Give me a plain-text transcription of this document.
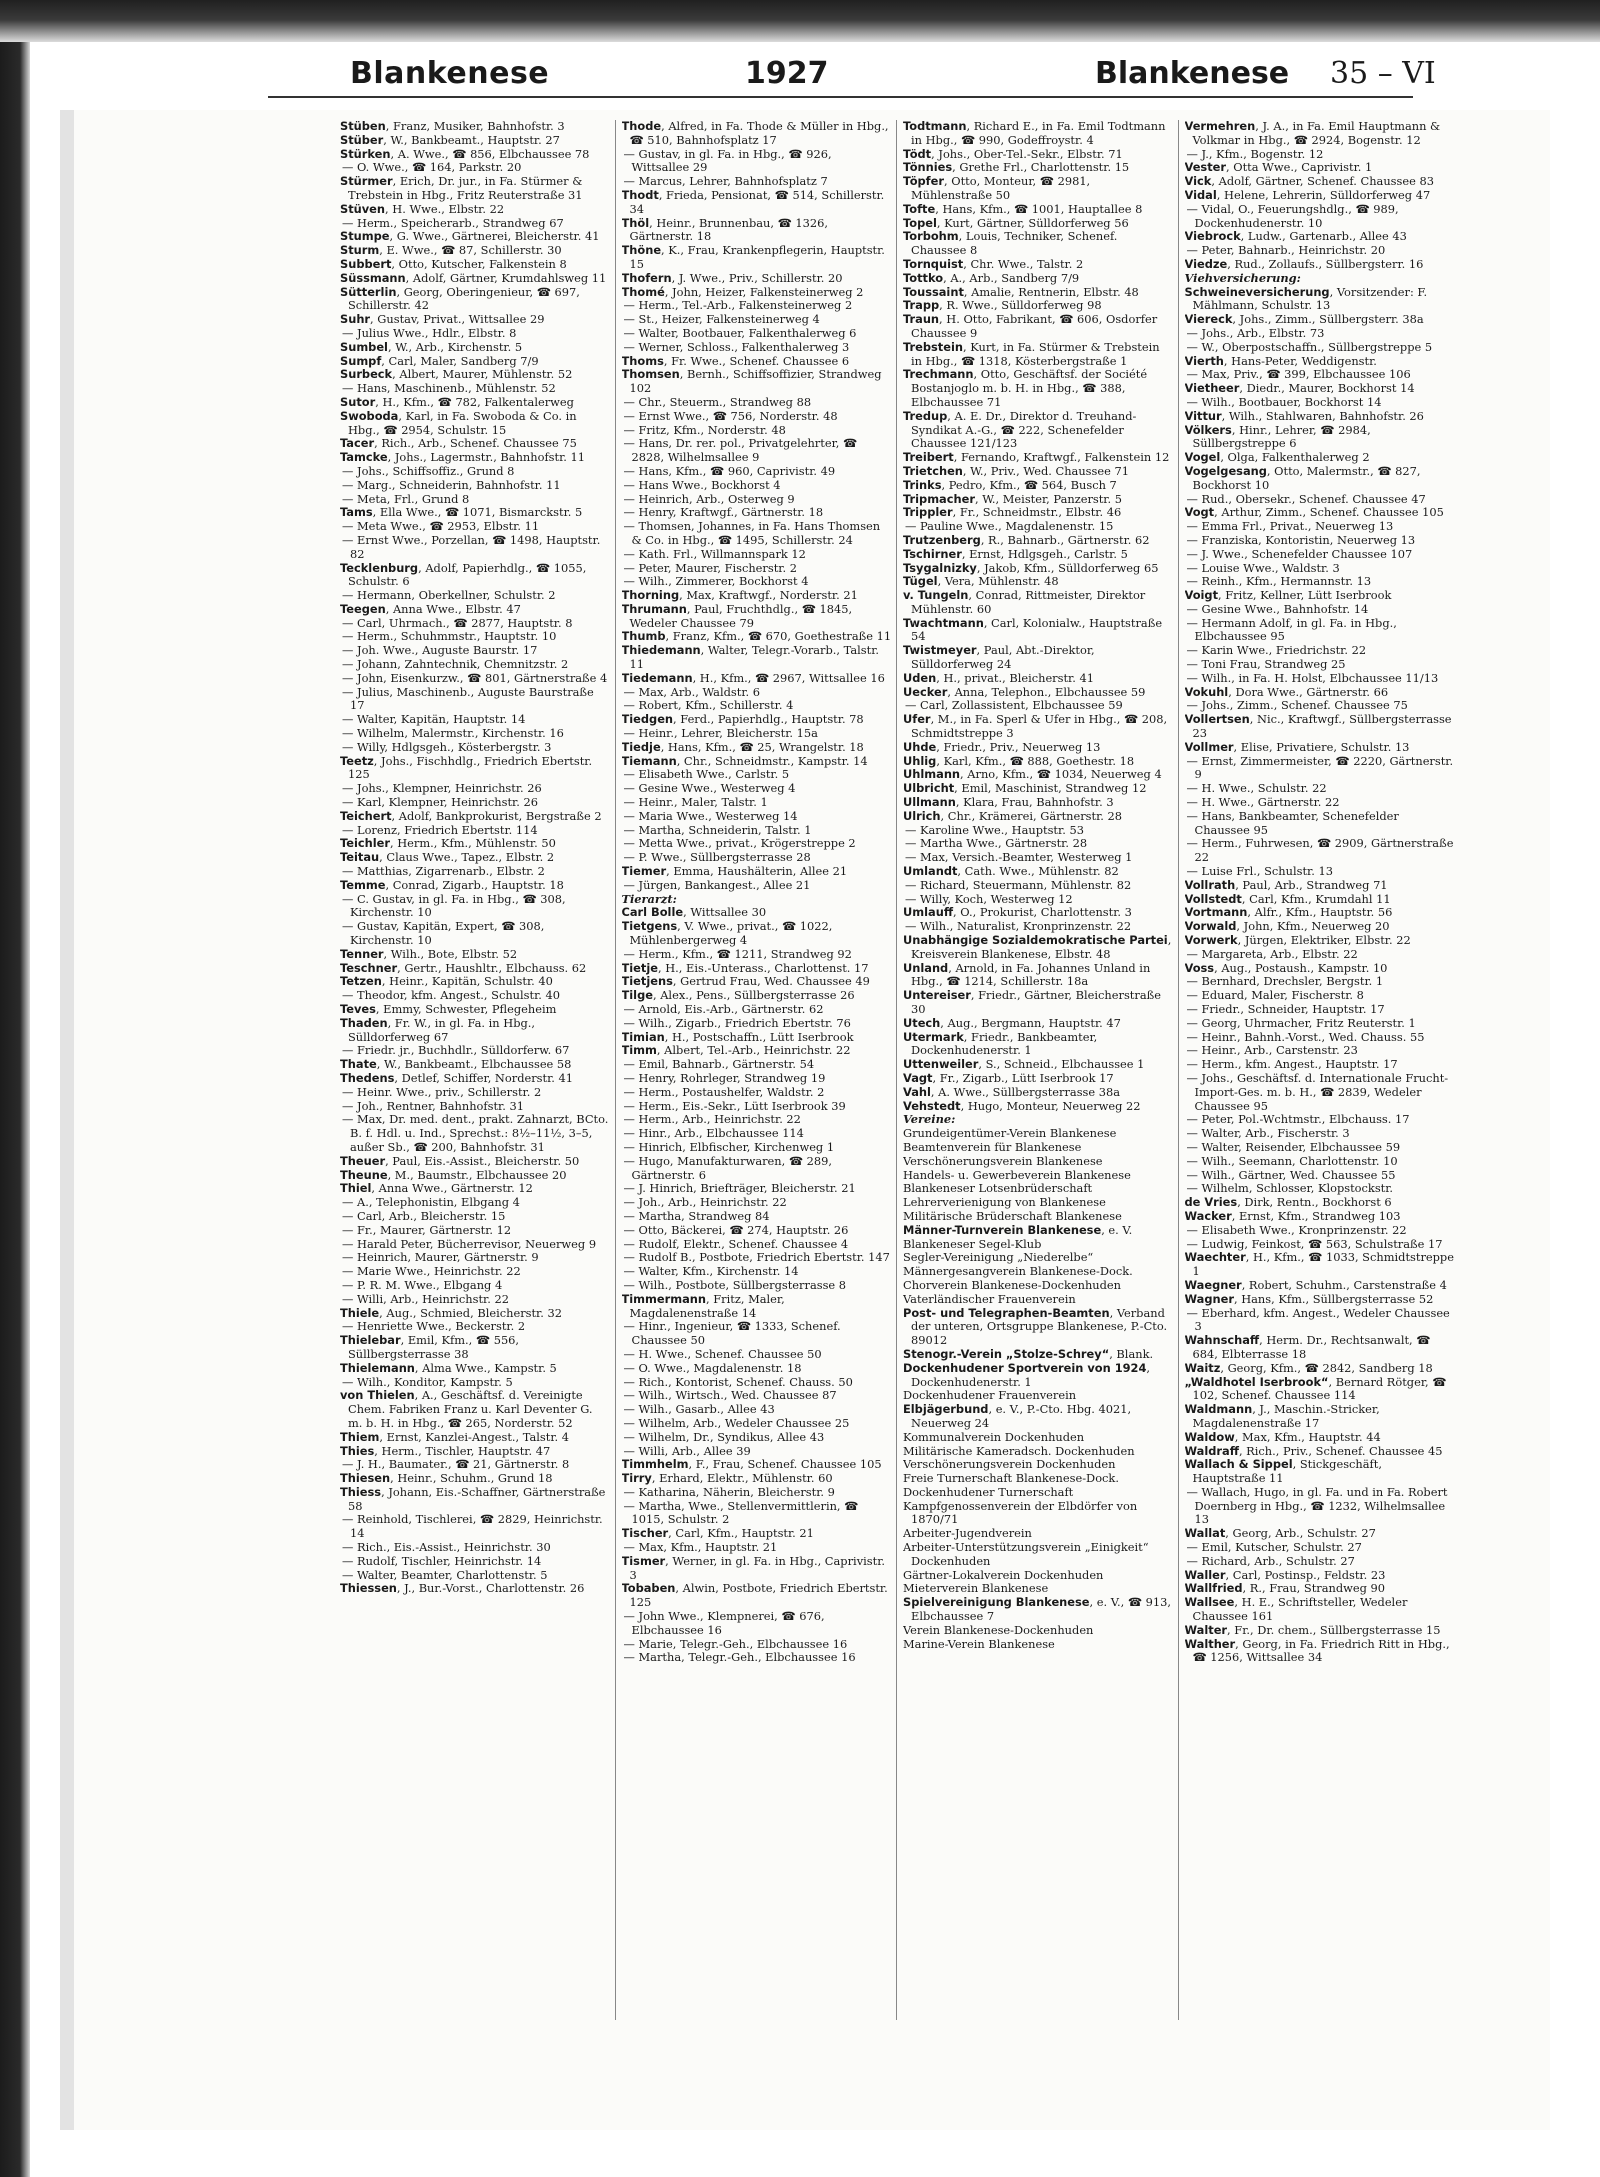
Blankenese	1927	Blankenese 35 – VI

Stüben, Franz, Musiker, Bahnhofstr. 3

Stüber, W., Bankbeamt., Hauptstr. 27

Stürken, A. Wwe., ☎ 856, Elbchaussee 78

— O. Wwe., ☎ 164, Parkstr. 20

Stürmer, Erich, Dr. jur., in Fa. Stürmer & Trebstein in Hbg., Fritz Reuterstraße 31

Stüven, H. Wwe., Elbstr. 22

— Herm., Speicherarb., Strandweg 67

Stumpe, G. Wwe., Gärtnerei, Bleicherstr. 41

Sturm, E. Wwe., ☎ 87, Schillerstr. 30

Subbert, Otto, Kutscher, Falkenstein 8

Süssmann, Adolf, Gärtner, Krumdahlsweg 11

Sütterlin, Georg, Oberingenieur, ☎ 697, Schillerstr. 42

Suhr, Gustav, Privat., Wittsallee 29

— Julius Wwe., Hdlr., Elbstr. 8

Sumbel, W., Arb., Kirchenstr. 5

Sumpf, Carl, Maler, Sandberg 7/9

Surbeck, Albert, Maurer, Mühlenstr. 52

— Hans, Maschinenb., Mühlenstr. 52

Sutor, H., Kfm., ☎ 782, Falkentalerweg

Swoboda, Karl, in Fa. Swoboda & Co. in Hbg., ☎ 2954, Schulstr. 15

Tacer, Rich., Arb., Schenef. Chaussee 75

Tamcke, Johs., Lagermstr., Bahnhofstr. 11

— Johs., Schiffsoffiz., Grund 8

— Marg., Schneiderin, Bahnhofstr. 11

— Meta, Frl., Grund 8

Tams, Ella Wwe., ☎ 1071, Bismarckstr. 5

— Meta Wwe., ☎ 2953, Elbstr. 11

— Ernst Wwe., Porzellan, ☎ 1498, Hauptstr. 82

Tecklenburg, Adolf, Papierhdlg., ☎ 1055, Schulstr. 6

— Hermann, Oberkellner, Schulstr. 2

Teegen, Anna Wwe., Elbstr. 47

— Carl, Uhrmach., ☎ 2877, Hauptstr. 8

— Herm., Schuhmmstr., Hauptstr. 10

— Joh. Wwe., Auguste Baurstr. 17

— Johann, Zahntechnik, Chemnitzstr. 2

— John, Eisenkurzw., ☎ 801, Gärtnerstraße 4

— Julius, Maschinenb., Auguste Baurstraße 17

— Walter, Kapitän, Hauptstr. 14

— Wilhelm, Malermstr., Kirchenstr. 16

— Willy, Hdlgsgeh., Kösterbergstr. 3

Teetz, Johs., Fischhdlg., Friedrich Ebertstr. 125

— Johs., Klempner, Heinrichstr. 26

— Karl, Klempner, Heinrichstr. 26

Teichert, Adolf, Bankprokurist, Bergstraße 2

— Lorenz, Friedrich Ebertstr. 114

Teichler, Herm., Kfm., Mühlenstr. 50

Teitau, Claus Wwe., Tapez., Elbstr. 2

— Matthias, Zigarrenarb., Elbstr. 2

Temme, Conrad, Zigarb., Hauptstr. 18

— C. Gustav, in gl. Fa. in Hbg., ☎ 308, Kirchenstr. 10

— Gustav, Kapitän, Expert, ☎ 308, Kirchenstr. 10

Tenner, Wilh., Bote, Elbstr. 52

Teschner, Gertr., Haushltr., Elbchauss. 62

Tetzen, Heinr., Kapitän, Schulstr. 40

— Theodor, kfm. Angest., Schulstr. 40

Teves, Emmy, Schwester, Pflegeheim

Thaden, Fr. W., in gl. Fa. in Hbg., Sülldorferweg 67

— Friedr. jr., Buchhdlr., Sülldorferw. 67

Thate, W., Bankbeamt., Elbchaussee 58

Thedens, Detlef, Schiffer, Norderstr. 41

— Heinr. Wwe., priv., Schillerstr. 2

— Joh., Rentner, Bahnhofstr. 31

— Max, Dr. med. dent., prakt. Zahnarzt, BCto. B. f. Hdl. u. Ind., Sprechst.: 8½–11½, 3–5, außer Sb., ☎ 200, Bahnhofstr. 31

Theuer, Paul, Eis.-Assist., Bleicherstr. 50

Theune, M., Baumstr., Elbchaussee 20

Thiel, Anna Wwe., Gärtnerstr. 12

— A., Telephonistin, Elbgang 4

— Carl, Arb., Bleicherstr. 15

— Fr., Maurer, Gärtnerstr. 12

— Harald Peter, Bücherrevisor, Neuerweg 9

— Heinrich, Maurer, Gärtnerstr. 9

— Marie Wwe., Heinrichstr. 22

— P. R. M. Wwe., Elbgang 4

— Willi, Arb., Heinrichstr. 22

Thiele, Aug., Schmied, Bleicherstr. 32

— Henriette Wwe., Beckerstr. 2

Thielebar, Emil, Kfm., ☎ 556, Süllbergsterrasse 38

Thielemann, Alma Wwe., Kampstr. 5

— Wilh., Konditor, Kampstr. 5

von Thielen, A., Geschäftsf. d. Vereinigte Chem. Fabriken Franz u. Karl Deventer G. m. b. H. in Hbg., ☎ 265, Norderstr. 52

Thiem, Ernst, Kanzlei-Angest., Talstr. 4

Thies, Herm., Tischler, Hauptstr. 47

— J. H., Baumater., ☎ 21, Gärtnerstr. 8

Thiesen, Heinr., Schuhm., Grund 18

Thiess, Johann, Eis.-Schaffner, Gärtnerstraße 58

— Reinhold, Tischlerei, ☎ 2829, Heinrichstr. 14

— Rich., Eis.-Assist., Heinrichstr. 30

— Rudolf, Tischler, Heinrichstr. 14

— Walter, Beamter, Charlottenstr. 5

Thiessen, J., Bur.-Vorst., Charlottenstr. 26

Thode, Alfred, in Fa. Thode & Müller in Hbg., ☎ 510, Bahnhofsplatz 17

— Gustav, in gl. Fa. in Hbg., ☎ 926, Wittsallee 29

— Marcus, Lehrer, Bahnhofsplatz 7

Thodt, Frieda, Pensionat, ☎ 514, Schillerstr. 34

Thöl, Heinr., Brunnenbau, ☎ 1326, Gärtnerstr. 18

Thöne, K., Frau, Krankenpflegerin, Hauptstr. 15

Thofern, J. Wwe., Priv., Schillerstr. 20

Thomé, John, Heizer, Falkensteinerweg 2

— Herm., Tel.-Arb., Falkensteinerweg 2

— St., Heizer, Falkensteinerweg 4

— Walter, Bootbauer, Falkenthalerweg 6

— Werner, Schloss., Falkenthalerweg 3

Thoms, Fr. Wwe., Schenef. Chaussee 6

Thomsen, Bernh., Schiffsoffizier, Strandweg 102

— Chr., Steuerm., Strandweg 88

— Ernst Wwe., ☎ 756, Norderstr. 48

— Fritz, Kfm., Norderstr. 48

— Hans, Dr. rer. pol., Privatgelehrter, ☎ 2828, Wilhelmsallee 9

— Hans, Kfm., ☎ 960, Caprivistr. 49

— Hans Wwe., Bockhorst 4

— Heinrich, Arb., Osterweg 9

— Henry, Kraftwgf., Gärtnerstr. 18

— Thomsen, Johannes, in Fa. Hans Thomsen & Co. in Hbg., ☎ 1495, Schillerstr. 24

— Kath. Frl., Willmannspark 12

— Peter, Maurer, Fischerstr. 2

— Wilh., Zimmerer, Bockhorst 4

Thorning, Max, Kraftwgf., Norderstr. 21

Thrumann, Paul, Fruchthdlg., ☎ 1845, Wedeler Chaussee 79

Thumb, Franz, Kfm., ☎ 670, Goethestraße 11

Thiedemann, Walter, Telegr.-Vorarb., Talstr. 11

Tiedemann, H., Kfm., ☎ 2967, Wittsallee 16

— Max, Arb., Waldstr. 6

— Robert, Kfm., Schillerstr. 4

Tiedgen, Ferd., Papierhdlg., Hauptstr. 78

— Heinr., Lehrer, Bleicherstr. 15a

Tiedje, Hans, Kfm., ☎ 25, Wrangelstr. 18

Tiemann, Chr., Schneidmstr., Kampstr. 14

— Elisabeth Wwe., Carlstr. 5

— Gesine Wwe., Westerweg 4

— Heinr., Maler, Talstr. 1

— Maria Wwe., Westerweg 14

— Martha, Schneiderin, Talstr. 1

— Metta Wwe., privat., Krögerstreppe 2

— P. Wwe., Süllbergsterrasse 28

Tiemer, Emma, Haushälterin, Allee 21

— Jürgen, Bankangest., Allee 21

Tierarzt:

Carl Bolle, Wittsallee 30

Tietgens, V. Wwe., privat., ☎ 1022, Mühlenbergerweg 4

— Herm., Kfm., ☎ 1211, Strandweg 92

Tietje, H., Eis.-Unterass., Charlottenst. 17

Tietjens, Gertrud Frau, Wed. Chaussee 49

Tilge, Alex., Pens., Süllbergsterrasse 26

— Arnold, Eis.-Arb., Gärtnerstr. 62

— Wilh., Zigarb., Friedrich Ebertstr. 76

Timian, H., Postschaffn., Lütt Iserbrook

Timm, Albert, Tel.-Arb., Heinrichstr. 22

— Emil, Bahnarb., Gärtnerstr. 54

— Henry, Rohrleger, Strandweg 19

— Herm., Postaushelfer, Waldstr. 2

— Herm., Eis.-Sekr., Lütt Iserbrook 39

— Herm., Arb., Heinrichstr. 22

— Hinr., Arb., Elbchaussee 114

— Hinrich, Elbfischer, Kirchenweg 1

— Hugo, Manufakturwaren, ☎ 289, Gärtnerstr. 6

— J. Hinrich, Briefträger, Bleicherstr. 21

— Joh., Arb., Heinrichstr. 22

— Martha, Strandweg 84

— Otto, Bäckerei, ☎ 274, Hauptstr. 26

— Rudolf, Elektr., Schenef. Chaussee 4

— Rudolf B., Postbote, Friedrich Ebertstr. 147

— Walter, Kfm., Kirchenstr. 14

— Wilh., Postbote, Süllbergsterrasse 8

Timmermann, Fritz, Maler, Magdalenenstraße 14

— Hinr., Ingenieur, ☎ 1333, Schenef. Chaussee 50

— H. Wwe., Schenef. Chaussee 50

— O. Wwe., Magdalenenstr. 18

— Rich., Kontorist, Schenef. Chauss. 50

— Wilh., Wirtsch., Wed. Chaussee 87

— Wilh., Gasarb., Allee 43

— Wilhelm, Arb., Wedeler Chaussee 25

— Wilhelm, Dr., Syndikus, Allee 43

— Willi, Arb., Allee 39

Timmhelm, F., Frau, Schenef. Chaussee 105

Tirry, Erhard, Elektr., Mühlenstr. 60

— Katharina, Näherin, Bleicherstr. 9

— Martha, Wwe., Stellenvermittlerin, ☎ 1015, Schulstr. 2

Tischer, Carl, Kfm., Hauptstr. 21

— Max, Kfm., Hauptstr. 21

Tismer, Werner, in gl. Fa. in Hbg., Caprivistr. 3

Tobaben, Alwin, Postbote, Friedrich Ebertstr. 125

— John Wwe., Klempnerei, ☎ 676, Elbchaussee 16

— Marie, Telegr.-Geh., Elbchaussee 16

— Martha, Telegr.-Geh., Elbchaussee 16

Todtmann, Richard E., in Fa. Emil Todtmann in Hbg., ☎ 990, Godeffroystr. 4

Tödt, Johs., Ober-Tel.-Sekr., Elbstr. 71

Tönnies, Grethe Frl., Charlottenstr. 15

Töpfer, Otto, Monteur, ☎ 2981, Mühlenstraße 50

Tofte, Hans, Kfm., ☎ 1001, Hauptallee 8

Topel, Kurt, Gärtner, Sülldorferweg 56

Torbohm, Louis, Techniker, Schenef. Chaussee 8

Tornquist, Chr. Wwe., Talstr. 2

Tottko, A., Arb., Sandberg 7/9

Toussaint, Amalie, Rentnerin, Elbstr. 48

Trapp, R. Wwe., Sülldorferweg 98

Traun, H. Otto, Fabrikant, ☎ 606, Osdorfer Chaussee 9

Trebstein, Kurt, in Fa. Stürmer & Trebstein in Hbg., ☎ 1318, Kösterbergstraße 1

Trechmann, Otto, Geschäftsf. der Société Bostanjoglo m. b. H. in Hbg., ☎ 388, Elbchaussee 71

Tredup, A. E. Dr., Direktor d. Treuhand-Syndikat A.-G., ☎ 222, Schenefelder Chaussee 121/123

Treibert, Fernando, Kraftwgf., Falkenstein 12

Trietchen, W., Priv., Wed. Chaussee 71

Trinks, Pedro, Kfm., ☎ 564, Busch 7

Tripmacher, W., Meister, Panzerstr. 5

Trippler, Fr., Schneidmstr., Elbstr. 46

— Pauline Wwe., Magdalenenstr. 15

Trutzenberg, R., Bahnarb., Gärtnerstr. 62

Tschirner, Ernst, Hdlgsgeh., Carlstr. 5

Tsygalnizky, Jakob, Kfm., Sülldorferweg 65

Tügel, Vera, Mühlenstr. 48

v. Tungeln, Conrad, Rittmeister, Direktor Mühlenstr. 60

Twachtmann, Carl, Kolonialw., Hauptstraße 54

Twistmeyer, Paul, Abt.-Direktor, Sülldorferweg 24

Uden, H., privat., Bleicherstr. 41

Uecker, Anna, Telephon., Elbchaussee 59

— Carl, Zollassistent, Elbchaussee 59

Ufer, M., in Fa. Sperl & Ufer in Hbg., ☎ 208, Schmidtstreppe 3

Uhde, Friedr., Priv., Neuerweg 13

Uhlig, Karl, Kfm., ☎ 888, Goethestr. 18

Uhlmann, Arno, Kfm., ☎ 1034, Neuerweg 4

Ulbricht, Emil, Maschinist, Strandweg 12

Ullmann, Klara, Frau, Bahnhofstr. 3

Ulrich, Chr., Krämerei, Gärtnerstr. 28

— Karoline Wwe., Hauptstr. 53

— Martha Wwe., Gärtnerstr. 28

— Max, Versich.-Beamter, Westerweg 1

Umlandt, Cath. Wwe., Mühlenstr. 82

— Richard, Steuermann, Mühlenstr. 82

— Willy, Koch, Westerweg 12

Umlauff, O., Prokurist, Charlottenstr. 3

— Wilh., Naturalist, Kronprinzenstr. 22

Unabhängige Sozialdemokratische Partei, Kreisverein Blankenese, Elbstr. 48

Unland, Arnold, in Fa. Johannes Unland in Hbg., ☎ 1214, Schillerstr. 18a

Untereiser, Friedr., Gärtner, Bleicherstraße 30

Utech, Aug., Bergmann, Hauptstr. 47

Utermark, Friedr., Bankbeamter, Dockenhudenerstr. 1

Uttenweiler, S., Schneid., Elbchaussee 1

Vagt, Fr., Zigarb., Lütt Iserbrook 17

Vahl, A. Wwe., Süllbergsterrasse 38a

Vehstedt, Hugo, Monteur, Neuerweg 22

Vereine:

Grundeigentümer-Verein Blankenese

Beamtenverein für Blankenese

Verschönerungsverein Blankenese

Handels- u. Gewerbeverein Blankenese

Blankeneser Lotsenbrüderschaft

Lehrerverienigung von Blankenese

Militärische Brüderschaft Blankenese

Männer-Turnverein Blankenese, e. V.

Blankeneser Segel-Klub

Segler-Vereinigung „Niederelbe“

Männergesangverein Blankenese-Dock.

Chorverein Blankenese-Dockenhuden

Vaterländischer Frauenverein

Post- und Telegraphen-Beamten, Verband der unteren, Ortsgruppe Blankenese, P.-Cto. 89012

Stenogr.-Verein „Stolze-Schrey“, Blank.

Dockenhudener Sportverein von 1924, Dockenhudenerstr. 1

Dockenhudener Frauenverein

Elbjägerbund, e. V., P.-Cto. Hbg. 4021, Neuerweg 24

Kommunalverein Dockenhuden

Militärische Kameradsch. Dockenhuden

Verschönerungsverein Dockenhuden

Freie Turnerschaft Blankenese-Dock.

Dockenhudener Turnerschaft

Kampfgenossenverein der Elbdörfer von 1870/71

Arbeiter-Jugendverein

Arbeiter-Unterstützungsverein „Einigkeit“ Dockenhuden

Gärtner-Lokalverein Dockenhuden

Mieterverein Blankenese

Spielvereinigung Blankenese, e. V., ☎ 913, Elbchaussee 7

Verein Blankenese-Dockenhuden

Marine-Verein Blankenese

Vermehren, J. A., in Fa. Emil Hauptmann & Volkmar in Hbg., ☎ 2924, Bogenstr. 12

— J., Kfm., Bogenstr. 12

Vester, Otta Wwe., Caprivistr. 1

Vick, Adolf, Gärtner, Schenef. Chaussee 83

Vidal, Helene, Lehrerin, Sülldorferweg 47

— Vidal, O., Feuerungshdlg., ☎ 989, Dockenhudenerstr. 10

Viebrock, Ludw., Gartenarb., Allee 43

— Peter, Bahnarb., Heinrichstr. 20

Viedze, Rud., Zollaufs., Süllbergsterr. 16

Viehversicherung:

Schweineversicherung, Vorsitzender: F. Mählmann, Schulstr. 13

Viereck, Johs., Zimm., Süllbergsterr. 38a

— Johs., Arb., Elbstr. 73

— W., Oberpostschaffn., Süllbergstreppe 5

Vierth, Hans-Peter, Weddigenstr.

— Max, Priv., ☎ 399, Elbchaussee 106

Vietheer, Diedr., Maurer, Bockhorst 14

— Wilh., Bootbauer, Bockhorst 14

Vittur, Wilh., Stahlwaren, Bahnhofstr. 26

Völkers, Hinr., Lehrer, ☎ 2984, Süllbergstreppe 6

Vogel, Olga, Falkenthalerweg 2

Vogelgesang, Otto, Malermstr., ☎ 827, Bockhorst 10

— Rud., Obersekr., Schenef. Chaussee 47

Vogt, Arthur, Zimm., Schenef. Chaussee 105

— Emma Frl., Privat., Neuerweg 13

— Franziska, Kontoristin, Neuerweg 13

— J. Wwe., Schenefelder Chaussee 107

— Louise Wwe., Waldstr. 3

— Reinh., Kfm., Hermannstr. 13

Voigt, Fritz, Kellner, Lütt Iserbrook

— Gesine Wwe., Bahnhofstr. 14

— Hermann Adolf, in gl. Fa. in Hbg., Elbchaussee 95

— Karin Wwe., Friedrichstr. 22

— Toni Frau, Strandweg 25

— Wilh., in Fa. H. Holst, Elbchaussee 11/13

Vokuhl, Dora Wwe., Gärtnerstr. 66

— Johs., Zimm., Schenef. Chaussee 75

Vollertsen, Nic., Kraftwgf., Süllbergsterrasse 23

Vollmer, Elise, Privatiere, Schulstr. 13

— Ernst, Zimmermeister, ☎ 2220, Gärtnerstr. 9

— H. Wwe., Schulstr. 22

— H. Wwe., Gärtnerstr. 22

— Hans, Bankbeamter, Schenefelder Chaussee 95

— Herm., Fuhrwesen, ☎ 2909, Gärtnerstraße 22

— Luise Frl., Schulstr. 13

Vollrath, Paul, Arb., Strandweg 71

Vollstedt, Carl, Kfm., Krumdahl 11

Vortmann, Alfr., Kfm., Hauptstr. 56

Vorwald, John, Kfm., Neuerweg 20

Vorwerk, Jürgen, Elektriker, Elbstr. 22

— Margareta, Arb., Elbstr. 22

Voss, Aug., Postaush., Kampstr. 10

— Bernhard, Drechsler, Bergstr. 1

— Eduard, Maler, Fischerstr. 8

— Friedr., Schneider, Hauptstr. 17

— Georg, Uhrmacher, Fritz Reuterstr. 1

— Heinr., Bahnh.-Vorst., Wed. Chauss. 55

— Heinr., Arb., Carstenstr. 23

— Herm., kfm. Angest., Hauptstr. 17

— Johs., Geschäftsf. d. Internationale Frucht-Import-Ges. m. b. H., ☎ 2839, Wedeler Chaussee 95

— Peter, Pol.-Wchtmstr., Elbchauss. 17

— Walter, Arb., Fischerstr. 3

— Walter, Reisender, Elbchaussee 59

— Wilh., Seemann, Charlottenstr. 10

— Wilh., Gärtner, Wed. Chaussee 55

— Wilhelm, Schlosser, Klopstockstr.

de Vries, Dirk, Rentn., Bockhorst 6

Wacker, Ernst, Kfm., Strandweg 103

— Elisabeth Wwe., Kronprinzenstr. 22

— Ludwig, Feinkost, ☎ 563, Schulstraße 17

Waechter, H., Kfm., ☎ 1033, Schmidtstreppe 1

Waegner, Robert, Schuhm., Carstenstraße 4

Wagner, Hans, Kfm., Süllbergsterrasse 52

— Eberhard, kfm. Angest., Wedeler Chaussee 3

Wahnschaff, Herm. Dr., Rechtsanwalt, ☎ 684, Elbterrasse 18

Waitz, Georg, Kfm., ☎ 2842, Sandberg 18

„Waldhotel Iserbrook“, Bernard Rötger, ☎ 102, Schenef. Chaussee 114

Waldmann, J., Maschin.-Stricker, Magdalenenstraße 17

Waldow, Max, Kfm., Hauptstr. 44

Waldraff, Rich., Priv., Schenef. Chaussee 45

Wallach & Sippel, Stickgeschäft, Hauptstraße 11

— Wallach, Hugo, in gl. Fa. und in Fa. Robert Doernberg in Hbg., ☎ 1232, Wilhelmsallee 13

Wallat, Georg, Arb., Schulstr. 27

— Emil, Kutscher, Schulstr. 27

— Richard, Arb., Schulstr. 27

Waller, Carl, Postinsp., Feldstr. 23

Wallfried, R., Frau, Strandweg 90

Wallsee, H. E., Schriftsteller, Wedeler Chaussee 161

Walter, Fr., Dr. chem., Süllbergsterrasse 15

Walther, Georg, in Fa. Friedrich Ritt in Hbg., ☎ 1256, Wittsallee 34
